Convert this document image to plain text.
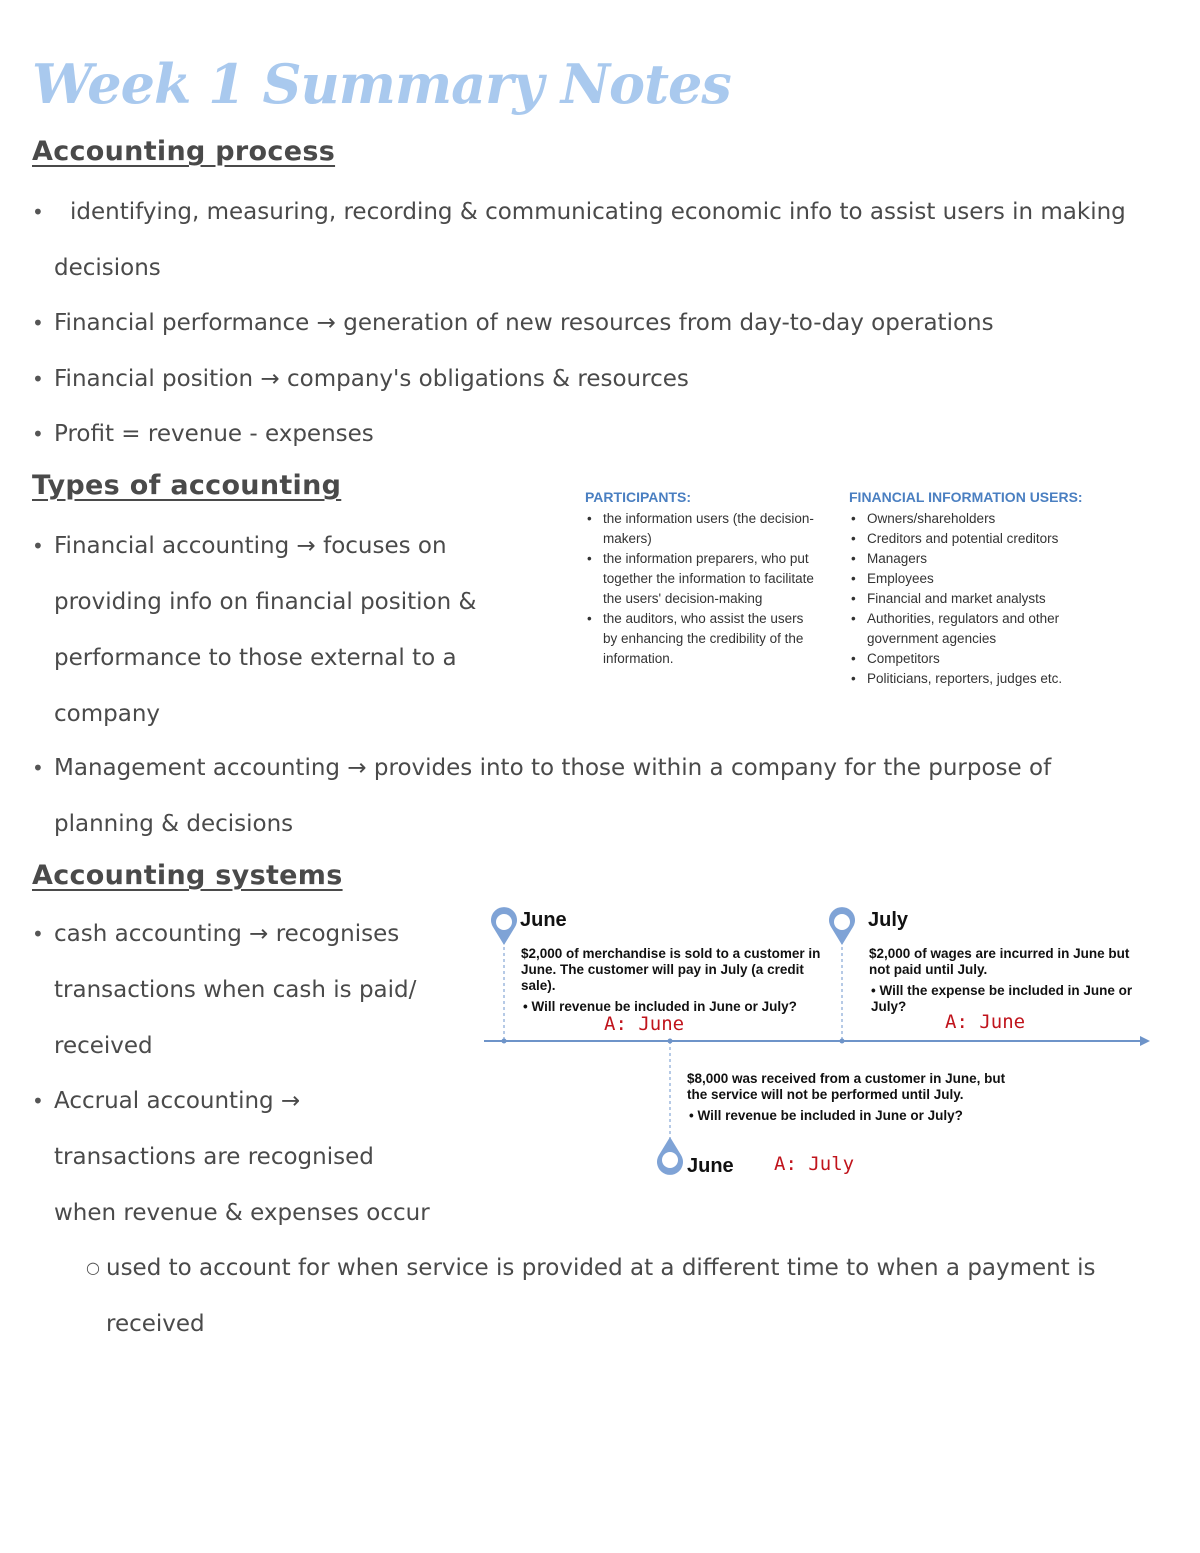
Week 1 Summary Notes
Accounting process
• identifying, measuring, recording & communicating economic info to assist users in making
decisions
• Financial performance → generation of new resources from day-to-day operations
• Financial position → company's obligations & resources
• Profit = revenue - expenses
Types of accounting
• Financial accounting → focuses on
providing info on financial position &
performance to those external to a
company
• Management accounting → provides into to those within a company for the purpose of
planning & decisions
PARTICIPANTS:
• the information users (the decision-makers)
• the information preparers, who put together the information to facilitate the users' decision-making
• the auditors, who assist the users by enhancing the credibility of the information.
FINANCIAL INFORMATION USERS:
• Owners/shareholders
• Creditors and potential creditors
• Managers
• Employees
• Financial and market analysts
• Authorities, regulators and other government agencies
• Competitors
• Politicians, reporters, judges etc.
Accounting systems
• cash accounting → recognises
transactions when cash is paid/
received
• Accrual accounting →
transactions are recognised
when revenue & expenses occur
○ used to account for when service is provided at a different time to when a payment is
received
June
$2,000 of merchandise is sold to a customer in June. The customer will pay in July (a credit sale).
• Will revenue be included in June or July?
A: June
July
$2,000 of wages are incurred in June but not paid until July.
• Will the expense be included in June or July?
A: June
$8,000 was received from a customer in June, but the service will not be performed until July.
• Will revenue be included in June or July?
June A: July
